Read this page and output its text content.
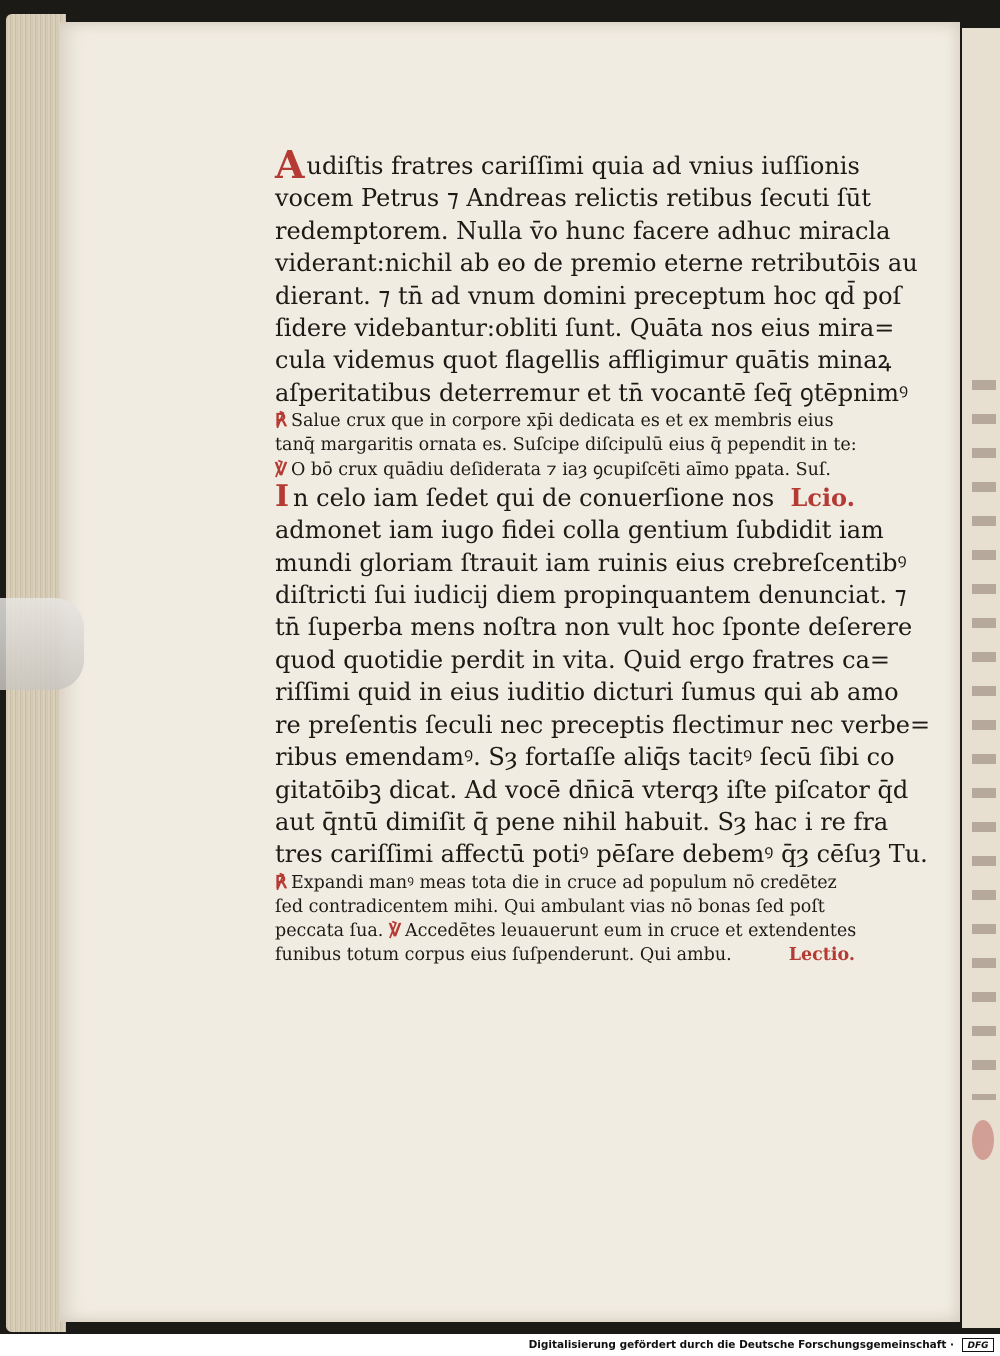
Audiſtis fratres cariſſimi quia ad vnius iuſſionis
vocem Petrus ⁊ Andreas relictis retibus ſecuti ſūt
redemptorem. Nulla v̄o hunc facere adhuc miracla
viderant:nichil ab eo de premio eterne retributōis au
dierant. ⁊ tn̄ ad vnum domini preceptum hoc qd̄ poſ
ſidere videbantur:obliti ſunt. Quāta nos eius mira=
cula videmus quot flagellis affligimur quātis minaꝝ
aſperitatibus deterremur et tn̄ vocantē ſeq̄ ꝯtēpnimꝰ
℟ Salue crux que in corpore xp̄i dedicata es et ex membris eius
tanq̄ margaritis ornata es. Suſcipe diſcipulū eius q̄ pependit in te:
℣ O bō crux quādiu deſiderata ⁊ iaȝ ꝯcupiſcēti aīmo pꝑata. Suſ.
I n celo iam ſedet qui de conuerſione nos Lcio.
admonet iam iugo fidei colla gentium ſubdidit iam
mundi gloriam ſtrauit iam ruinis eius crebreſcentibꝰ
diſtricti ſui iudicij diem propinquantem denunciat. ⁊
tn̄ ſuperba mens noſtra non vult hoc ſponte deſerere
quod quotidie perdit in vita. Quid ergo fratres ca=
riſſimi quid in eius iuditio dicturi ſumus qui ab amo
re preſentis ſeculi nec preceptis flectimur nec verbe=
ribus emendamꝰ. Sȝ fortaſſe aliq̄s tacitꝰ ſecū ſibi co
gitatōibꝫ dicat. Ad vocē dn̄icā vterqȝ iſte piſcator q̄d
aut q̄ntū dimiſit q̄ pene nihil habuit. Sȝ hac i re fra
tres cariſſimi affectū potiꝰ pēſare debemꝰ q̄ȝ cēſuȝ Tu.
℟ Expandi manꝰ meas tota die in cruce ad populum nō credētez
ſed contradicentem mihi. Qui ambulant vias nō bonas ſed poſt
peccata ſua. ℣ Accedētes leuauerunt eum in cruce et extendentes
funibus totum corpus eius ſuſpenderunt. Qui ambu.	Lectio.
Digitalisierung gefördert durch die Deutsche Forschungsgemeinschaft ·	DFG
